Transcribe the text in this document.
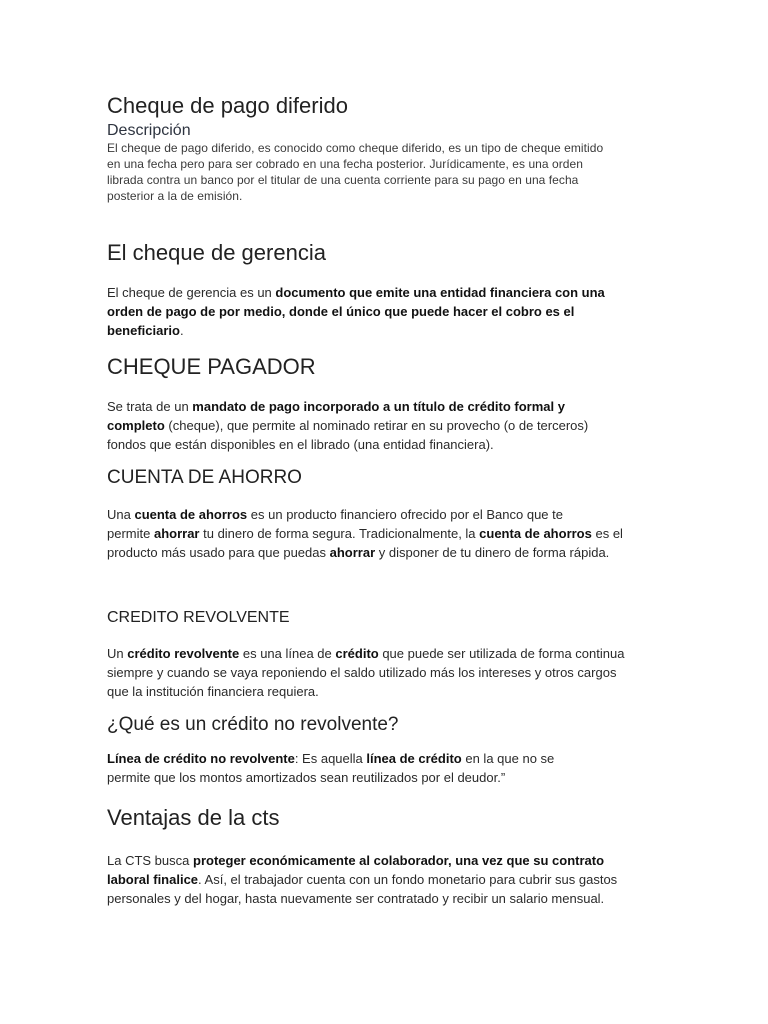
Cheque de pago diferido
Descripción
El cheque de pago diferido, es conocido como cheque diferido, es un tipo de cheque emitido
en una fecha pero para ser cobrado en una fecha posterior. Jurídicamente, es una orden
librada contra un banco por el titular de una cuenta corriente para su pago en una fecha
posterior a la de emisión.
El cheque de gerencia
El cheque de gerencia es un documento que emite una entidad financiera con una
orden de pago de por medio, donde el único que puede hacer el cobro es el
beneficiario.
CHEQUE PAGADOR
Se trata de un mandato de pago incorporado a un título de crédito formal y
completo (cheque), que permite al nominado retirar en su provecho (o de terceros)
fondos que están disponibles en el librado (una entidad financiera).
CUENTA DE AHORRO
Una cuenta de ahorros es un producto financiero ofrecido por el Banco que te
permite ahorrar tu dinero de forma segura. Tradicionalmente, la cuenta de ahorros es el
producto más usado para que puedas ahorrar y disponer de tu dinero de forma rápida.
CREDITO REVOLVENTE
Un crédito revolvente es una línea de crédito que puede ser utilizada de forma continua
siempre y cuando se vaya reponiendo el saldo utilizado más los intereses y otros cargos
que la institución financiera requiera.
¿Qué es un crédito no revolvente?
Línea de crédito no revolvente: Es aquella línea de crédito en la que no se
permite que los montos amortizados sean reutilizados por el deudor.”
Ventajas de la cts
La CTS busca proteger económicamente al colaborador, una vez que su contrato
laboral finalice. Así, el trabajador cuenta con un fondo monetario para cubrir sus gastos
personales y del hogar, hasta nuevamente ser contratado y recibir un salario mensual.
